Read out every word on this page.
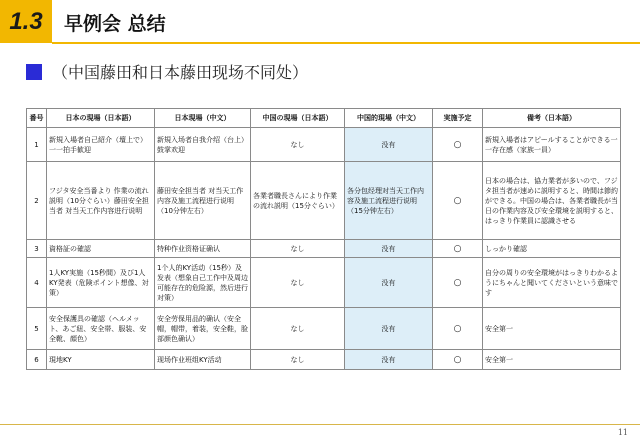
1.3 早例会 总结
（中国藤田和日本藤田现场不同处）
番号	日本の現場（日本語）	日本現場（中文）	中国の現場（日本語）	中国的現場（中文）	実施予定	備考（日本語）
1	新規入場者自己紹介（壇上で）一一拍手歓迎	新規入场者自我介绍（台上）鼓掌欢迎	なし	没有	○	新規入場者はアピールすることができる一一存在感（家族一員）
2	フジタ安全当番より 作業の流れ説明（10分ぐらい）藤田安全担当者 対当天工作内容进行说明	藤田安全担当者 对当天工作内容及施工流程进行说明（10分钟左右）	各業者職長さんにより作業の流れ説明（15分ぐらい）	各分包经理对当天工作内容及施工流程进行说明（15分钟左右）	○	日本の場合は、協力業者が多いので、フジタ担当者が速めに説明すると、時間は節約ができる。中国の場合は、各業者職長が当日の作業内容及び安全環境を説明すると、はっきり作業員に認識させる
3	資格証の確認	特种作业资格证确认	なし	没有	○	しっかり確認
4	1人KY実施（15秒間）及び1人KY発表（危険ポイント想像、対策）	1个人的KY活动（15秒）及发表（想象自己工作中及周边可能存在的危险源，然后进行对策）	なし	没有	○	自分の周りの安全環境がはっきりわかるようにちゃんと聞いてくださいという意味です
5	安全保護具の確認（ヘルメット、あご紐、安全帯、服装、安全靴、顔色）	安全劳保用品的确认（安全帽，帽带，着装，安全鞋，脸部颜色确认）	なし	没有	○	安全第一
6	現地KY	现场作业班组KY活动	なし	没有	○	安全第一
11
